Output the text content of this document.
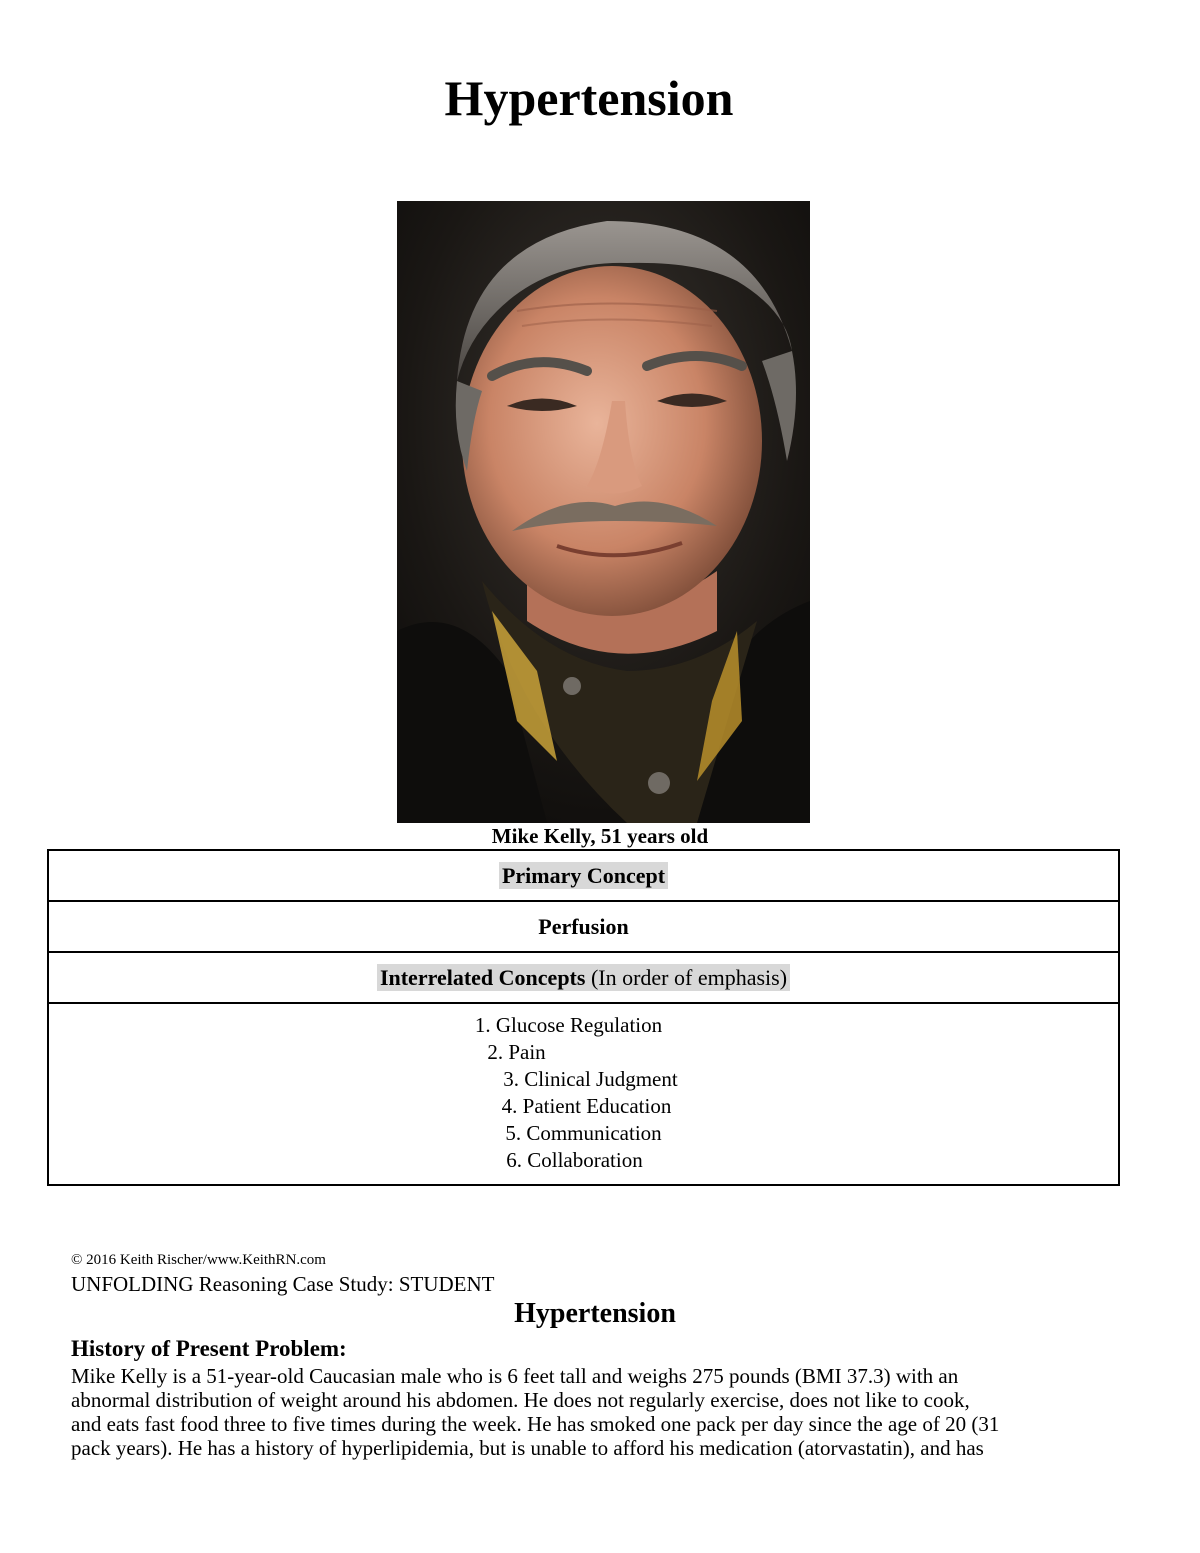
Hypertension
Mike Kelly, 51 years old
Primary Concept
Perfusion
Interrelated Concepts (In order of emphasis)

1. Glucose Regulation
2. Pain
3. Clinical Judgment
4. Patient Education
5. Communication
6. Collaboration
© 2016 Keith Rischer/www.KeithRN.com
UNFOLDING Reasoning Case Study: STUDENT
Hypertension
History of Present Problem:
Mike Kelly is a 51-year-old Caucasian male who is 6 feet tall and weighs 275 pounds (BMI 37.3) with an
abnormal distribution of weight around his abdomen. He does not regularly exercise, does not like to cook,
and eats fast food three to five times during the week. He has smoked one pack per day since the age of 20 (31
pack years). He has a history of hyperlipidemia, but is unable to afford his medication (atorvastatin), and has
